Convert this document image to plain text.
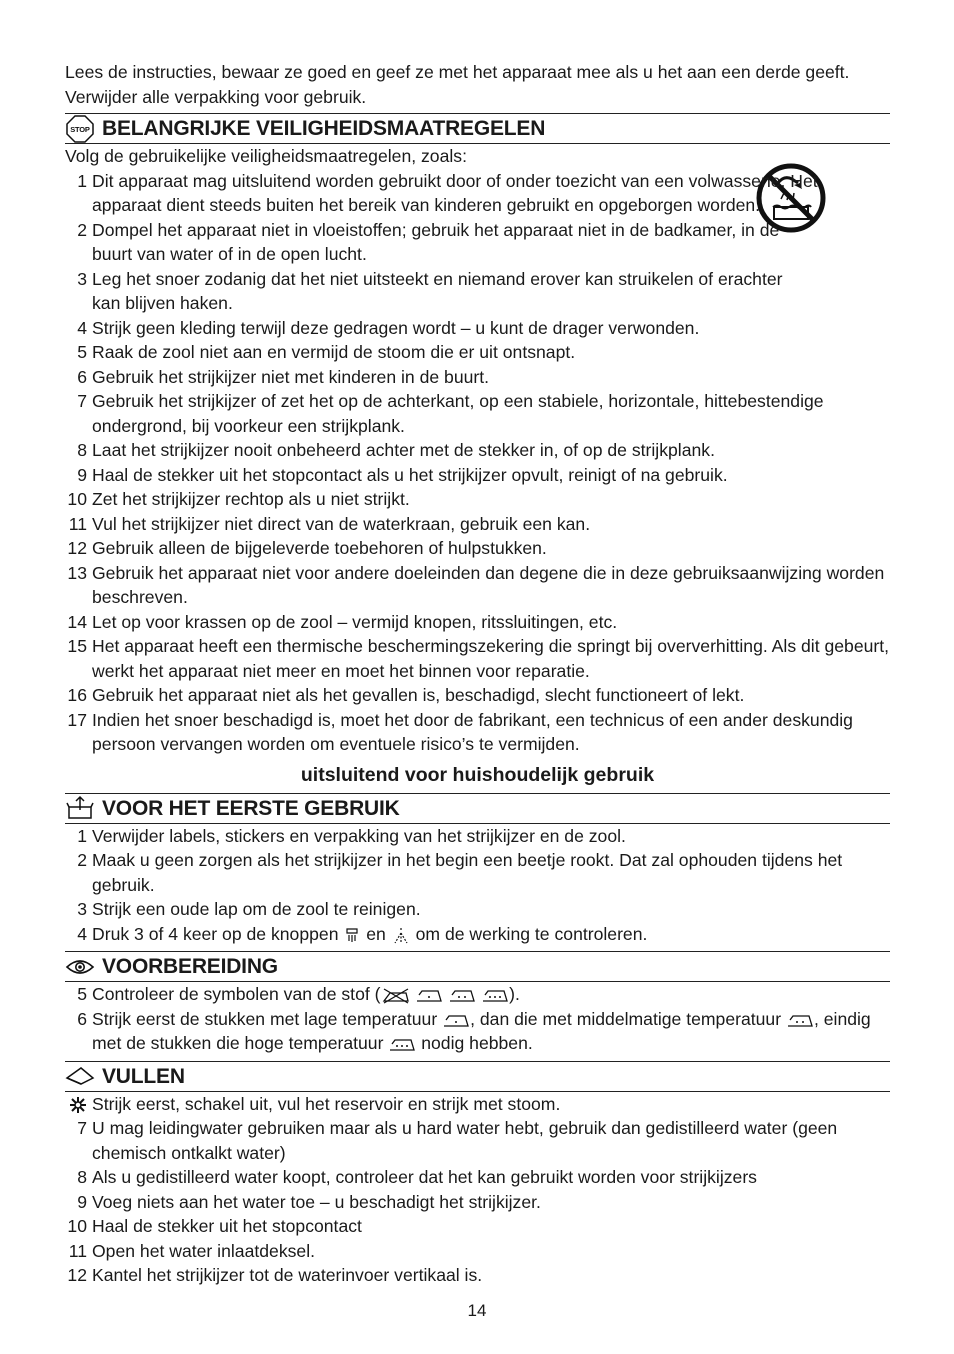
Lees de instructies, bewaar ze goed en geef ze met het apparaat mee als u het aan een derde geeft. Verwijder alle verpakking voor gebruik.

STOP BELANGRIJKE VEILIGHEIDSMAATREGELEN

Volg de gebruikelijke veiligheidsmaatregelen, zoals:

1 Dit apparaat mag uitsluitend worden gebruikt door of onder toezicht van een volwassene. Het apparaat dient steeds buiten het bereik van kinderen gebruikt en opgeborgen worden.
2 Dompel het apparaat niet in vloeistoffen; gebruik het apparaat niet in de badkamer, in de buurt van water of in de open lucht.
3 Leg het snoer zodanig dat het niet uitsteekt en niemand erover kan struikelen of erachter kan blijven haken.
4 Strijk geen kleding terwijl deze gedragen wordt – u kunt de drager verwonden.
5 Raak de zool niet aan en vermijd de stoom die er uit ontsnapt.
6 Gebruik het strijkijzer niet met kinderen in de buurt.
7 Gebruik het strijkijzer of zet het op de achterkant, op een stabiele, horizontale, hittebestendige ondergrond, bij voorkeur een strijkplank.
8 Laat het strijkijzer nooit onbeheerd achter met de stekker in, of op de strijkplank.
9 Haal de stekker uit het stopcontact als u het strijkijzer opvult, reinigt of na gebruik.
10 Zet het strijkijzer rechtop als u niet strijkt.
11 Vul het strijkijzer niet direct van de waterkraan, gebruik een kan.
12 Gebruik alleen de bijgeleverde toebehoren of hulpstukken.
13 Gebruik het apparaat niet voor andere doeleinden dan degene die in deze gebruiksaanwijzing worden beschreven.
14 Let op voor krassen op de zool – vermijd knopen, ritssluitingen, etc.
15 Het apparaat heeft een thermische beschermingszekering die springt bij oververhitting. Als dit gebeurt, werkt het apparaat niet meer en moet het binnen voor reparatie.
16 Gebruik het apparaat niet als het gevallen is, beschadigd, slecht functioneert of lekt.
17 Indien het snoer beschadigd is, moet het door de fabrikant, een technicus of een ander deskundig persoon vervangen worden om eventuele risico’s te vermijden.

uitsluitend voor huishoudelijk gebruik

VOOR HET EERSTE GEBRUIK
1 Verwijder labels, stickers en verpakking van het strijkijzer en de zool.
2 Maak u geen zorgen als het strijkijzer in het begin een beetje rookt. Dat zal ophouden tijdens het gebruik.
3 Strijk een oude lap om de zool te reinigen.
4 Druk 3 of 4 keer op de knoppen en om de werking te controleren.
VOORBEREIDING
5 Controleer de symbolen van de stof (	).
6 Strijk eerst de stukken met lage temperatuur , dan die met middelmatige temperatuur , eindig met de stukken die hoge temperatuur nodig hebben.
VULLEN
Strijk eerst, schakel uit, vul het reservoir en strijk met stoom.
7 U mag leidingwater gebruiken maar als u hard water hebt, gebruik dan gedistilleerd water (geen chemisch ontkalkt water)
8 Als u gedistilleerd water koopt, controleer dat het kan gebruikt worden voor strijkijzers
9 Voeg niets aan het water toe – u beschadigt het strijkijzer.
10 Haal de stekker uit het stopcontact
11 Open het water inlaatdeksel.
12 Kantel het strijkijzer tot de waterinvoer vertikaal is.
14
